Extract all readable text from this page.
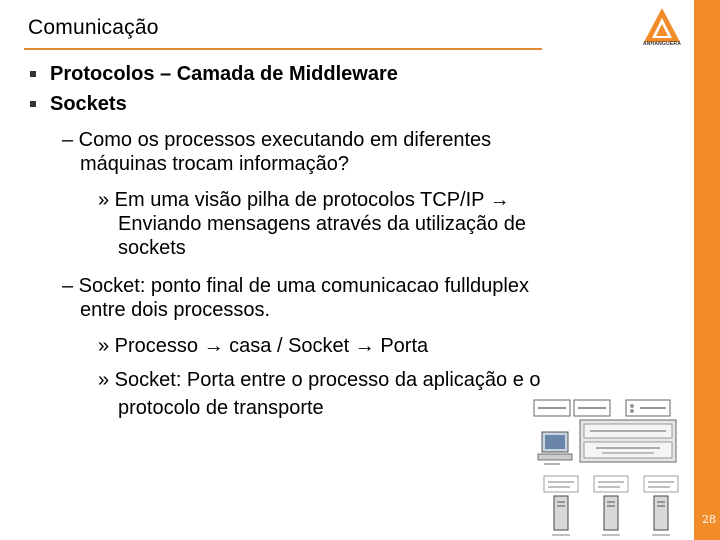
Comunicação
ANHANGUERA
28
Protocolos – Camada de Middleware
Sockets
– Como os processos executando em diferentes
máquinas trocam informação?
» Em uma visão pilha de protocolos TCP/IP →
Enviando mensagens através da utilização de
sockets
– Socket: ponto final de uma comunicacao fullduplex
entre dois processos.
» Processo → casa / Socket → Porta
» Socket: Porta entre o processo da aplicação e o
protocolo de transporte
